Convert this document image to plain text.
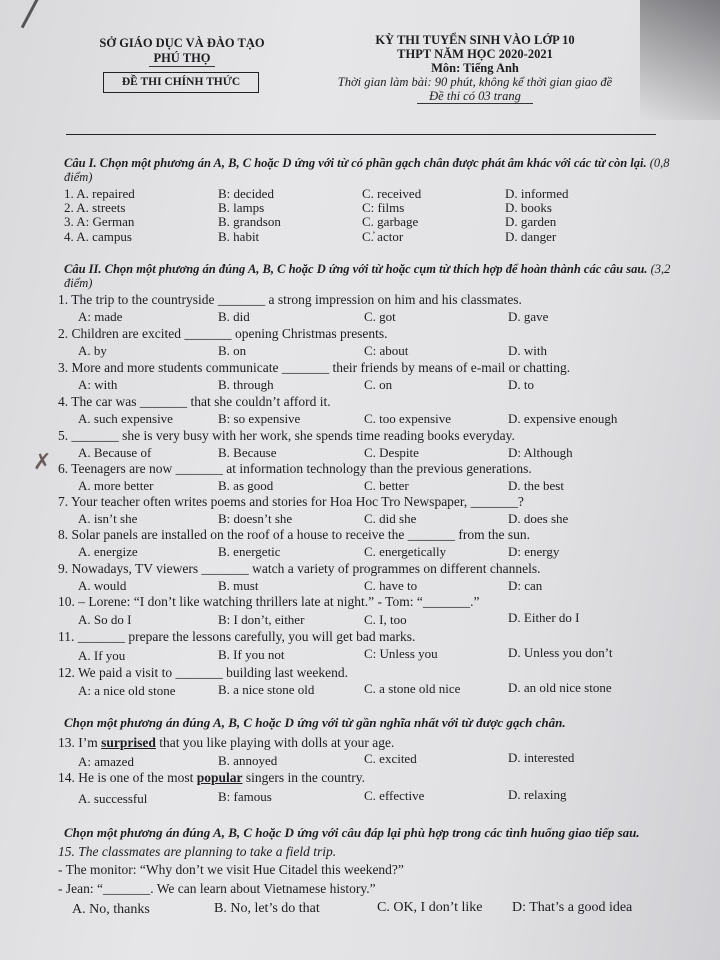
SỞ GIÁO DỤC VÀ ĐÀO TẠO
PHÚ THỌ
ĐỀ THI CHÍNH THỨC
KỲ THI TUYỂN SINH VÀO LỚP 10
THPT NĂM HỌC 2020-2021
Môn: Tiếng Anh
Thời gian làm bài: 90 phút, không kể thời gian giao đề
Đề thi có 03 trang
Câu I. Chọn một phương án A, B, C hoặc D ứng với từ có phần gạch chân được phát âm khác với các từ còn lại. (0,8 điểm)
1. A. repaired	B: decided	C. received	D. informed
2. A. streets	B. lamps	C: films	D. books
3. A: German	B. grandson	C. garbage	D. garden
4. A. campus	B. habit	C.̓ actor	D. danger
Câu II. Chọn một phương án đúng A, B, C hoặc D ứng với từ hoặc cụm từ thích hợp để hoàn thành các câu sau. (3,2 điểm)
1. The trip to the countryside _______ a strong impression on him and his classmates.
A: made	B. did	C. got	D. gave
2. Children are excited _______ opening Christmas presents.
A. by	B. on	C: about	D. with
3. More and more students communicate _______ their friends by means of e-mail or chatting.
A: with	B. through	C. on	D. to
4. The car was _______ that she couldn’t afford it.
A. such expensive	B: so expensive	C. too expensive	D. expensive enough
5. _______ she is very busy with her work, she spends time reading books everyday.
A. Because of	B. Because	C. Despite	D: Although
✗ 6. Teenagers are now _______ at information technology than the previous generations.
A. more better	B. as good	C. better	D. the best
7. Your teacher often writes poems and stories for Hoa Hoc Tro Newspaper, _______?
A. isn’t she	B: doesn’t she	C. did she	D. does she
8. Solar panels are installed on the roof of a house to receive the _______ from the sun.
A. energize	B. energetic	C. energetically	D: energy
9. Nowadays, TV viewers _______ watch a variety of programmes on different channels.
A. would	B. must	C. have to	D: can
10. – Lorene: “I don’t like watching thrillers late at night.” - Tom: “_______.”
A. So do I	B: I don’t, either	C. I, too	D. Either do I
11. _______ prepare the lessons carefully, you will get bad marks.
A. If you	B. If you not	C: Unless you	D. Unless you don’t
12. We paid a visit to _______ building last weekend.
A: a nice old stone	B. a nice stone old	C. a stone old nice	D. an old nice stone
Chọn một phương án đúng A, B, C hoặc D ứng với từ gần nghĩa nhất với từ được gạch chân.
13. I’m surprised that you like playing with dolls at your age.
A: amazed	B. annoyed	C. excited	D. interested
14. He is one of the most popular singers in the country.
A. successful	B: famous	C. effective	D. relaxing
Chọn một phương án đúng A, B, C hoặc D ứng với câu đáp lại phù hợp trong các tình huống giao tiếp sau.
15. The classmates are planning to take a field trip.
- The monitor: “Why don’t we visit Hue Citadel this weekend?”
- Jean: “_______. We can learn about Vietnamese history.”
A. No, thanks	B. No, let’s do that	C. OK, I don’t like D: That’s a good idea
